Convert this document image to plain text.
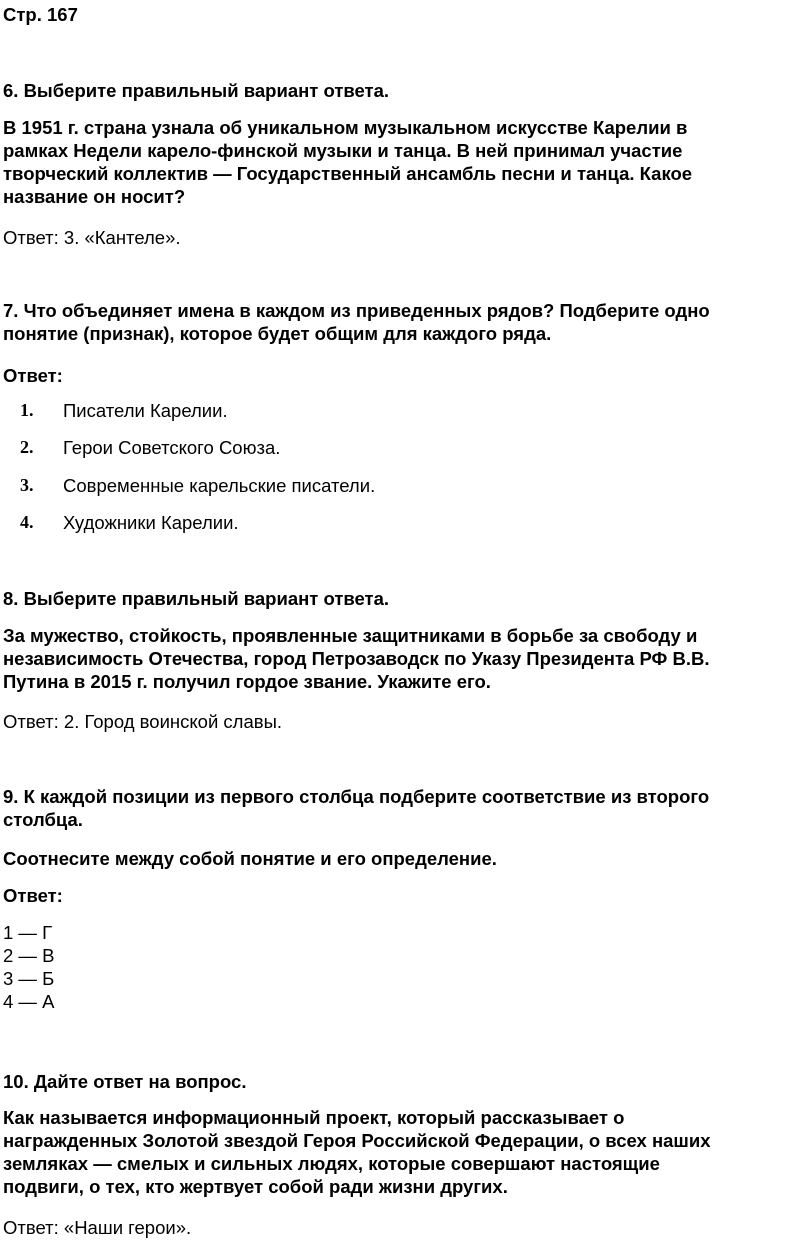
Стр. 167
6. Выберите правильный вариант ответа.
В 1951 г. страна узнала об уникальном музыкальном искусстве Карелии в
рамках Недели карело-финской музыки и танца. В ней принимал участие
творческий коллектив — Государственный ансамбль песни и танца. Какое
название он носит?
Ответ: 3. «Кантеле».
7. Что объединяет имена в каждом из приведенных рядов? Подберите одно
понятие (признак), которое будет общим для каждого ряда.
Ответ:
1.	Писатели Карелии.
2.	Герои Советского Союза.
3.	Современные карельские писатели.
4.	Художники Карелии.
8. Выберите правильный вариант ответа.
За мужество, стойкость, проявленные защитниками в борьбе за свободу и
независимость Отечества, город Петрозаводск по Указу Президента РФ В.В.
Путина в 2015 г. получил гордое звание. Укажите его.
Ответ: 2. Город воинской славы.
9. К каждой позиции из первого столбца подберите соответствие из второго
столбца.
Соотнесите между собой понятие и его определение.
Ответ:
1 — Г
2 — В
3 — Б
4 — А
10. Дайте ответ на вопрос.
Как называется информационный проект, который рассказывает о
награжденных Золотой звездой Героя Российской Федерации, о всех наших
земляках — смелых и сильных людях, которые совершают настоящие
подвиги, о тех, кто жертвует собой ради жизни других.
Ответ: «Наши герои».
